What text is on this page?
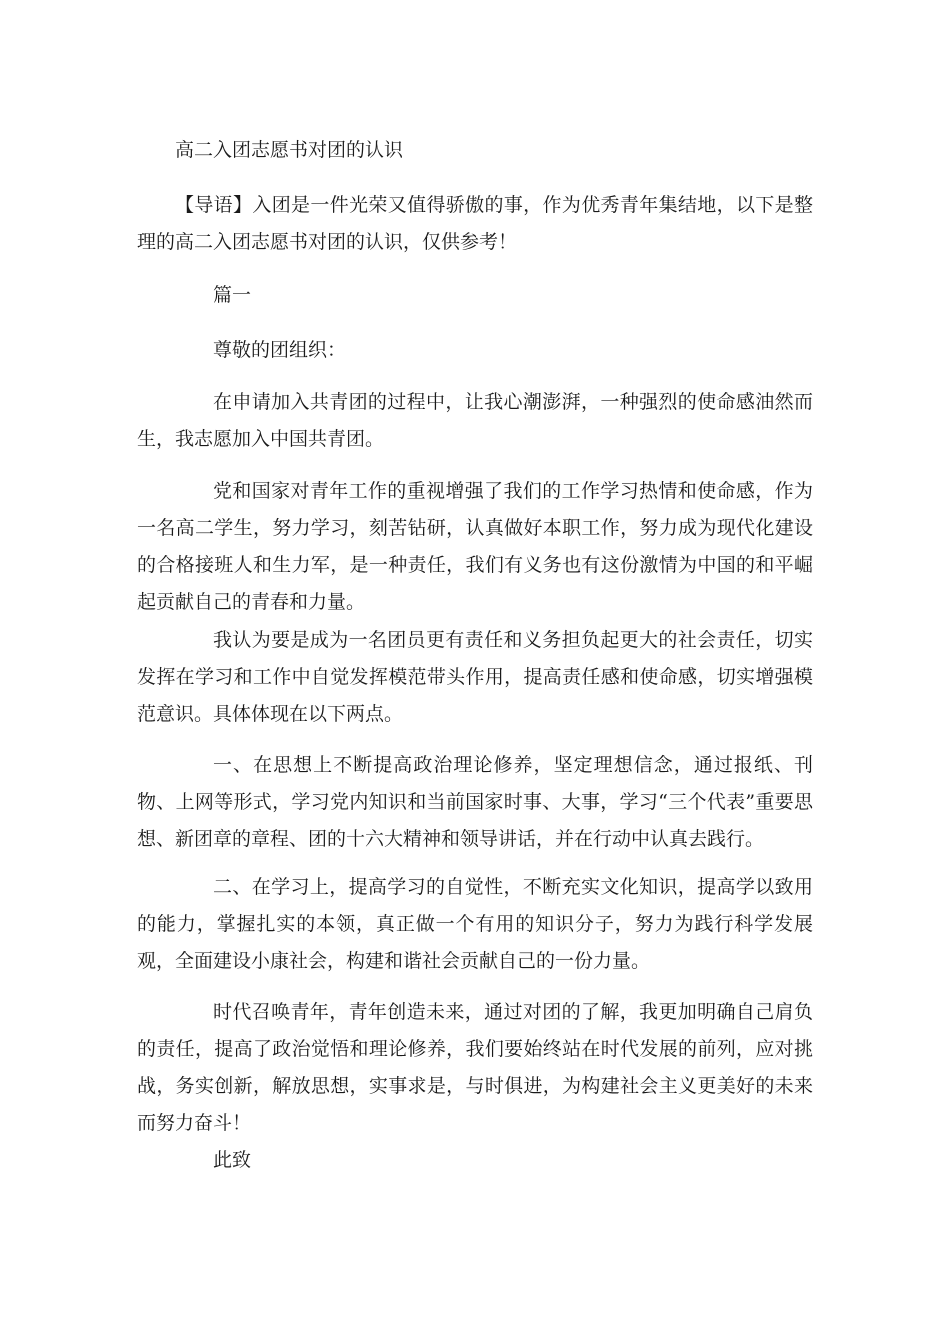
高二入团志愿书对团的认识

【导语】入团是一件光荣又值得骄傲的事，作为优秀青年集结地，以下是整理的高二入团志愿书对团的认识，仅供参考！

篇一
尊敬的团组织：

在申请加入共青团的过程中，让我心潮澎湃，一种强烈的使命感油然而生，我志愿加入中国共青团。

党和国家对青年工作的重视增强了我们的工作学习热情和使命感，作为一名高二学生，努力学习，刻苦钻研，认真做好本职工作，努力成为现代化建设的合格接班人和生力军，是一种责任，我们有义务也有这份激情为中国的和平崛起贡献自己的青春和力量。

我认为要是成为一名团员更有责任和义务担负起更大的社会责任，切实发挥在学习和工作中自觉发挥模范带头作用，提高责任感和使命感，切实增强模范意识。具体体现在以下两点。

一、在思想上不断提高政治理论修养，坚定理想信念，通过报纸、刊物、上网等形式，学习党内知识和当前国家时事、大事，学习“三个代表”重要思想、新团章的章程、团的十六大精神和领导讲话，并在行动中认真去践行。

二、在学习上，提高学习的自觉性，不断充实文化知识，提高学以致用的能力，掌握扎实的本领，真正做一个有用的知识分子，努力为践行科学发展观，全面建设小康社会，构建和谐社会贡献自己的一份力量。

时代召唤青年，青年创造未来，通过对团的了解，我更加明确自己肩负的责任，提高了政治觉悟和理论修养，我们要始终站在时代发展的前列，应对挑战，务实创新，解放思想，实事求是，与时俱进，为构建社会主义更美好的未来而努力奋斗！

此致
